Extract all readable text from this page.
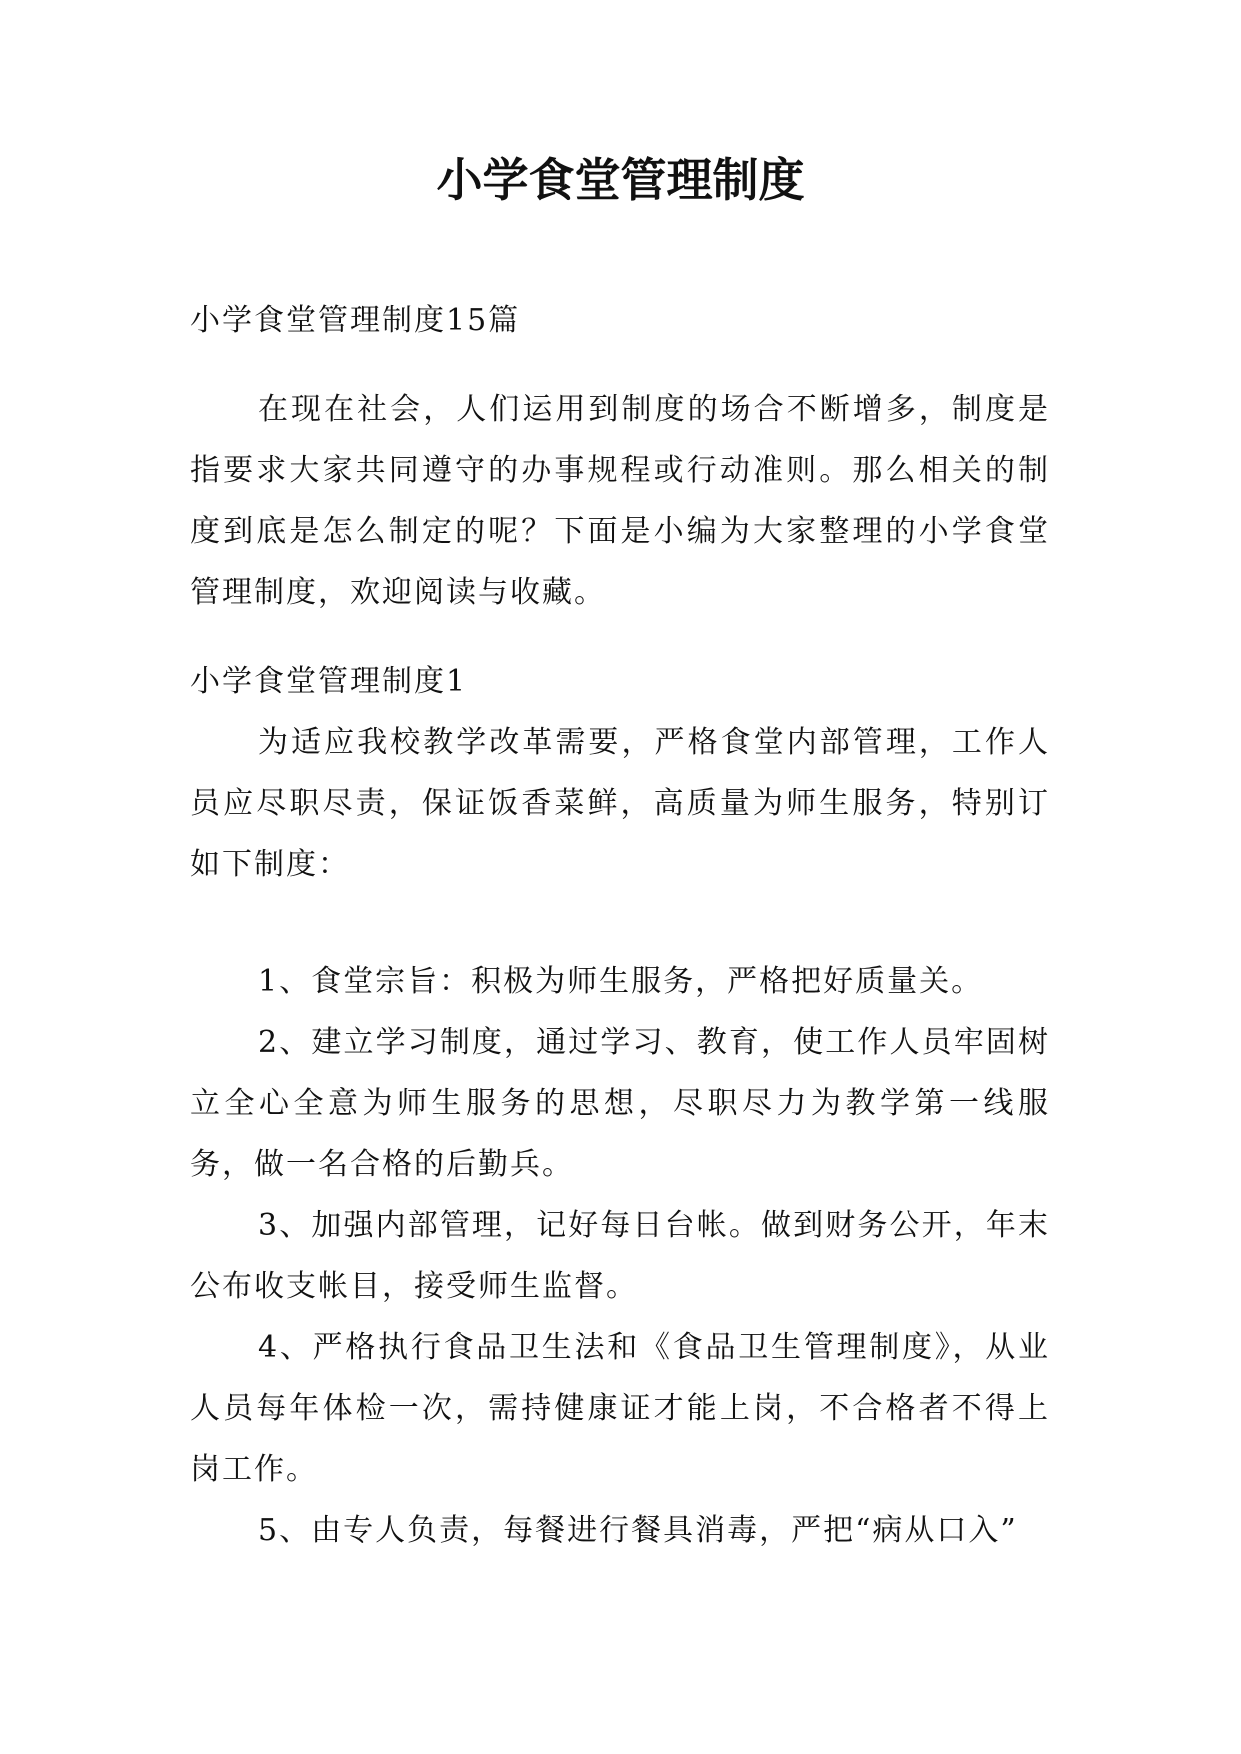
小学食堂管理制度

小学食堂管理制度15篇

在现在社会，人们运用到制度的场合不断增多，制度是指要求大家共同遵守的办事规程或行动准则。那么相关的制度到底是怎么制定的呢？下面是小编为大家整理的小学食堂管理制度，欢迎阅读与收藏。

小学食堂管理制度1

为适应我校教学改革需要，严格食堂内部管理，工作人员应尽职尽责，保证饭香菜鲜，高质量为师生服务，特别订如下制度：

1、食堂宗旨：积极为师生服务，严格把好质量关。

2、建立学习制度，通过学习、教育，使工作人员牢固树立全心全意为师生服务的思想，尽职尽力为教学第一线服务，做一名合格的后勤兵。

3、加强内部管理，记好每日台帐。做到财务公开，年末公布收支帐目，接受师生监督。

4、严格执行食品卫生法和《食品卫生管理制度》，从业人员每年体检一次，需持健康证才能上岗，不合格者不得上岗工作。

5、由专人负责，每餐进行餐具消毒，严把“病从口入”
